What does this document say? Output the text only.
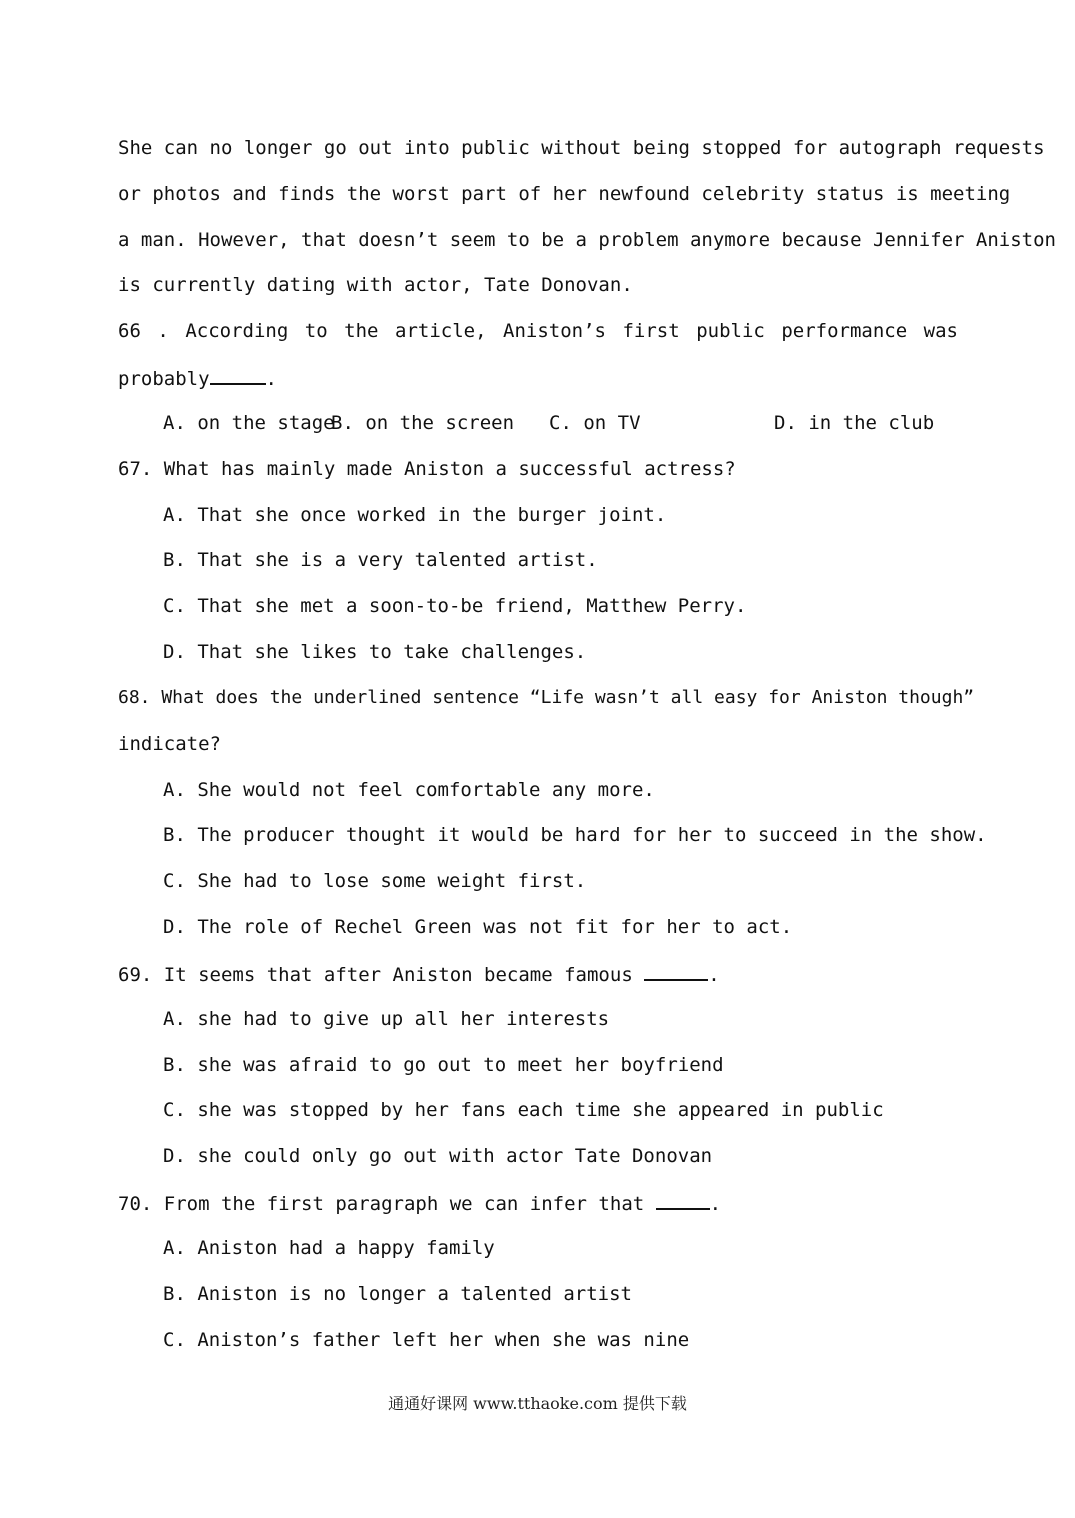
She can no longer go out into public without being stopped for autograph requests
or photos and finds the worst part of her newfound celebrity status is meeting
a man. However, that doesn’t seem to be a problem anymore because Jennifer Aniston
is currently dating with actor, Tate Donovan.
66 . According to the article, Aniston’s first public performance was
probably	.
A. on the stage
B. on the screen C. on TV	D. in the club
67. What has mainly made Aniston a successful actress?
A. That she once worked in the burger joint.
B. That she is a very talented artist.
C. That she met a soon-to-be friend, Matthew Perry.
D. That she likes to take challenges.
68. What does the underlined sentence “Life wasn’t all easy for Aniston though”
indicate?
A. She would not feel comfortable any more.
B. The producer thought it would be hard for her to succeed in the show.
C. She had to lose some weight first.
D. The role of Rechel Green was not fit for her to act.
69. It seems that after Aniston became famous	.
A. she had to give up all her interests
B. she was afraid to go out to meet her boyfriend
C. she was stopped by her fans each time she appeared in public
D. she could only go out with actor Tate Donovan
70. From the first paragraph we can infer that	.
A. Aniston had a happy family
B. Aniston is no longer a talented artist
C. Aniston’s father left her when she was nine
通通好课网 www.tthaoke.com 提供下载
